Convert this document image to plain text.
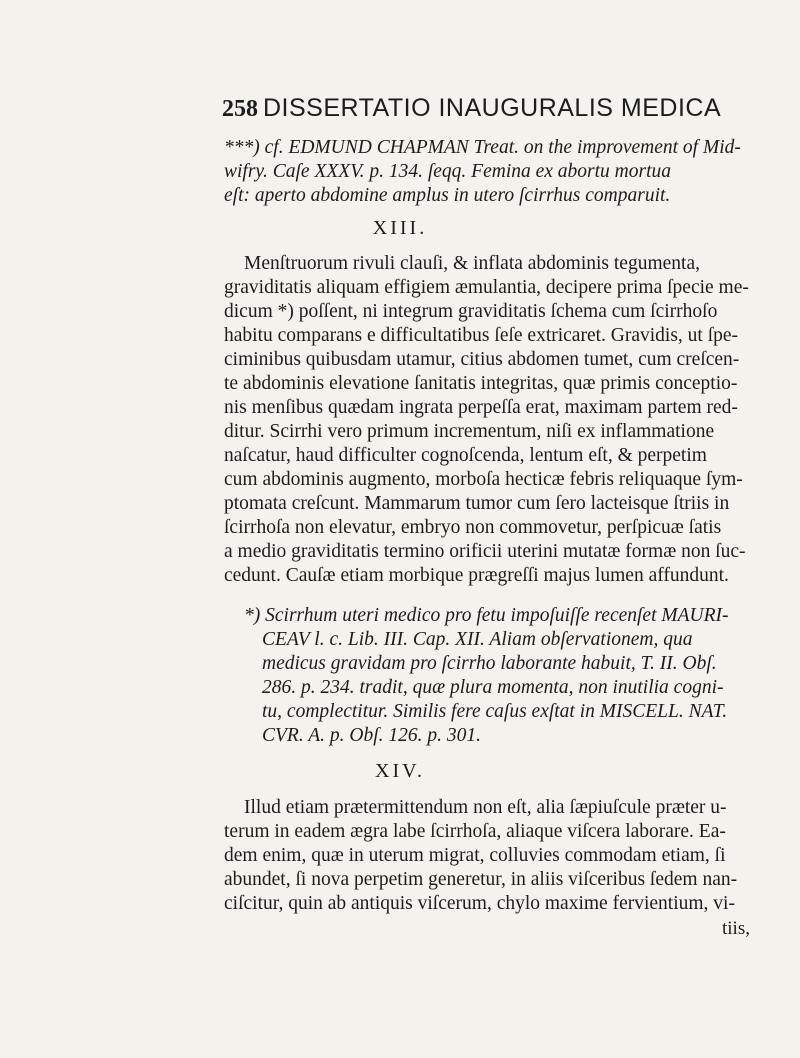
258 DISSERTATIO INAUGURALIS MEDICA
***) cf. EDMUND CHAPMAN Treat. on the improvement of Mid-
wifry. Caſe XXXV. p. 134. ſeqq. Femina ex abortu mortua
eſt: aperto abdomine amplus in utero ſcirrhus comparuit.
XIII.
Menſtruorum rivuli clauſi, & inflata abdominis tegumenta,
graviditatis aliquam effigiem æmulantia, decipere prima ſpecie me-
dicum *) poſſent, ni integrum graviditatis ſchema cum ſcirrhoſo
habitu comparans e difficultatibus ſeſe extricaret. Gravidis, ut ſpe-
ciminibus quibusdam utamur, citius abdomen tumet, cum creſcen-
te abdominis elevatione ſanitatis integritas, quæ primis conceptio-
nis menſibus quædam ingrata perpeſſa erat, maximam partem red-
ditur. Scirrhi vero primum incrementum, niſi ex inflammatione
naſcatur, haud difficulter cognoſcenda, lentum eſt, & perpetim
cum abdominis augmento, morboſa hecticæ febris reliquaque ſym-
ptomata creſcunt. Mammarum tumor cum ſero lacteisque ſtriis in
ſcirrhoſa non elevatur, embryo non commovetur, perſpicuæ ſatis
a medio graviditatis termino orificii uterini mutatæ formæ non ſuc-
cedunt. Cauſæ etiam morbique prægreſſi majus lumen affundunt.
*) Scirrhum uteri medico pro fetu impoſuiſſe recenſet MAURI-
CEAV l. c. Lib. III. Cap. XII. Aliam obſervationem, qua
medicus gravidam pro ſcirrho laborante habuit, T. II. Obſ.
286. p. 234. tradit, quæ plura momenta, non inutilia cogni-
tu, complectitur. Similis fere caſus exſtat in MISCELL. NAT.
CVR. A. p. Obſ. 126. p. 301.
XIV.
Illud etiam prætermittendum non eſt, alia ſæpiuſcule præter u-
terum in eadem ægra labe ſcirrhoſa, aliaque viſcera laborare. Ea-
dem enim, quæ in uterum migrat, colluvies commodam etiam, ſi
abundet, ſi nova perpetim generetur, in aliis viſceribus ſedem nan-
ciſcitur, quin ab antiquis viſcerum, chylo maxime fervientium, vi-
tiis,
